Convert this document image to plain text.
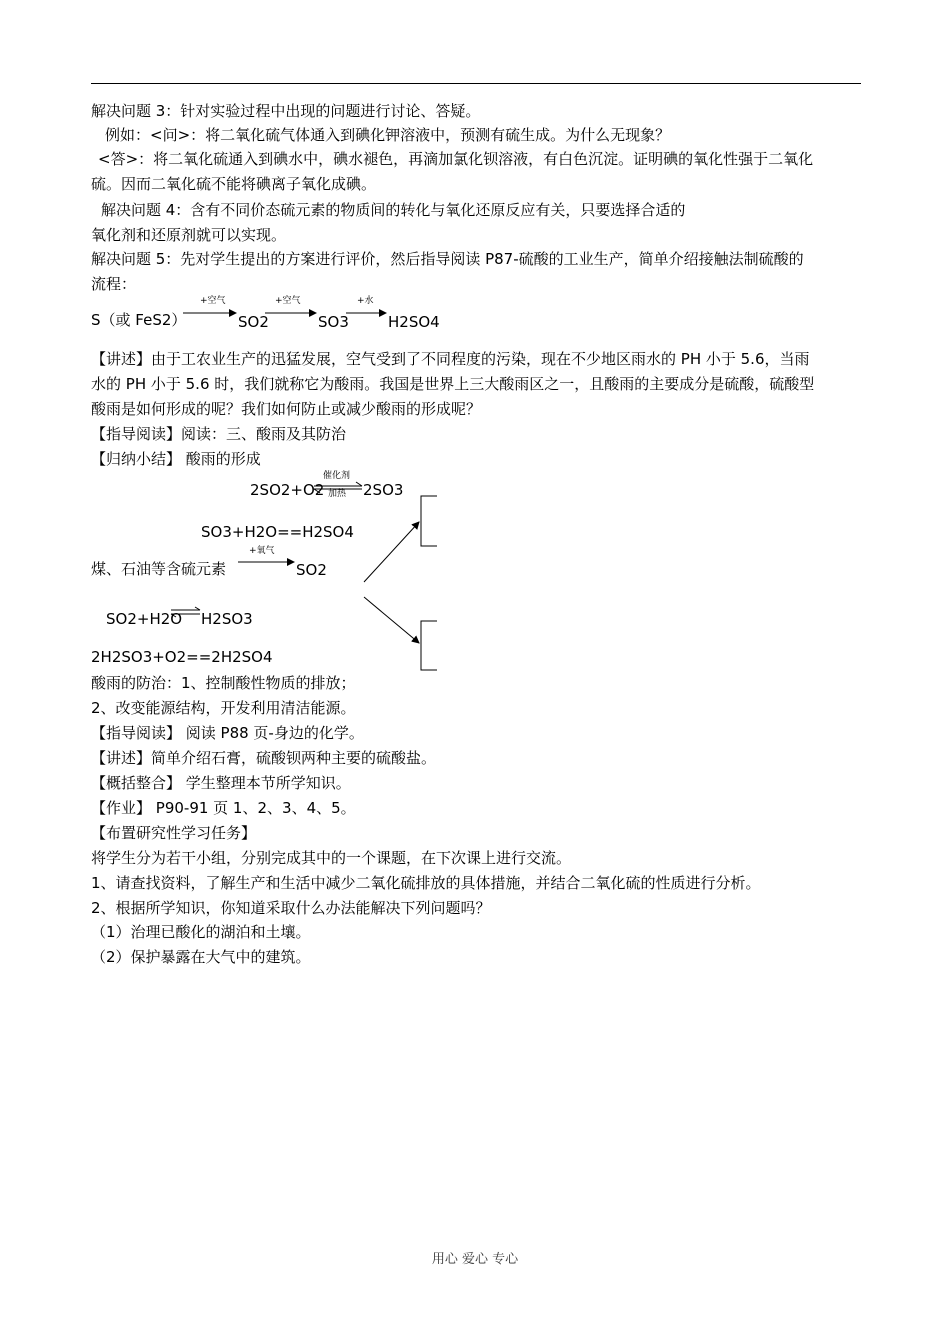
解决问题 3：针对实验过程中出现的问题进行讨论、答疑。
例如：<问>：将二氧化硫气体通入到碘化钾溶液中，预测有硫生成。为什么无现象？
<答>：将二氧化硫通入到碘水中，碘水褪色，再滴加氯化钡溶液，有白色沉淀。证明碘的氧化性强于二氧化
硫。因而二氧化硫不能将碘离子氧化成碘。
解决问题 4：含有不同价态硫元素的物质间的转化与氧化还原反应有关，只要选择合适的
氧化剂和还原剂就可以实现。
解决问题 5：先对学生提出的方案进行评价，然后指导阅读 P87-硫酸的工业生产，简单介绍接触法制硫酸的
流程：
S（或 FeS2）
+空气
SO2
+空气
SO3
+水
H2SO4
【讲述】由于工农业生产的迅猛发展，空气受到了不同程度的污染，现在不少地区雨水的 PH 小于 5.6，当雨
水的 PH 小于 5.6 时，我们就称它为酸雨。我国是世界上三大酸雨区之一，且酸雨的主要成分是硫酸，硫酸型
酸雨是如何形成的呢？我们如何防止或减少酸雨的形成呢？
【指导阅读】阅读：三、酸雨及其防治
【归纳小结】 酸雨的形成
2SO2+O2
催化剂
加热 2SO3
SO3+H2O==H2SO4
煤、石油等含硫元素
+氧气
SO2
SO2+H2O H2SO3
2H2SO3+O2==2H2SO4
酸雨的防治：1、控制酸性物质的排放；
2、改变能源结构，开发利用清洁能源。
【指导阅读】 阅读 P88 页-身边的化学。
【讲述】简单介绍石膏，硫酸钡两种主要的硫酸盐。
【概括整合】 学生整理本节所学知识。
【作业】 P90-91 页 1、2、3、4、5。
【布置研究性学习任务】
将学生分为若干小组，分别完成其中的一个课题，在下次课上进行交流。
1、请查找资料，了解生产和生活中减少二氧化硫排放的具体措施，并结合二氧化硫的性质进行分析。
2、根据所学知识，你知道采取什么办法能解决下列问题吗？
（1）治理已酸化的湖泊和土壤。
（2）保护暴露在大气中的建筑。
用心 爱心 专心
